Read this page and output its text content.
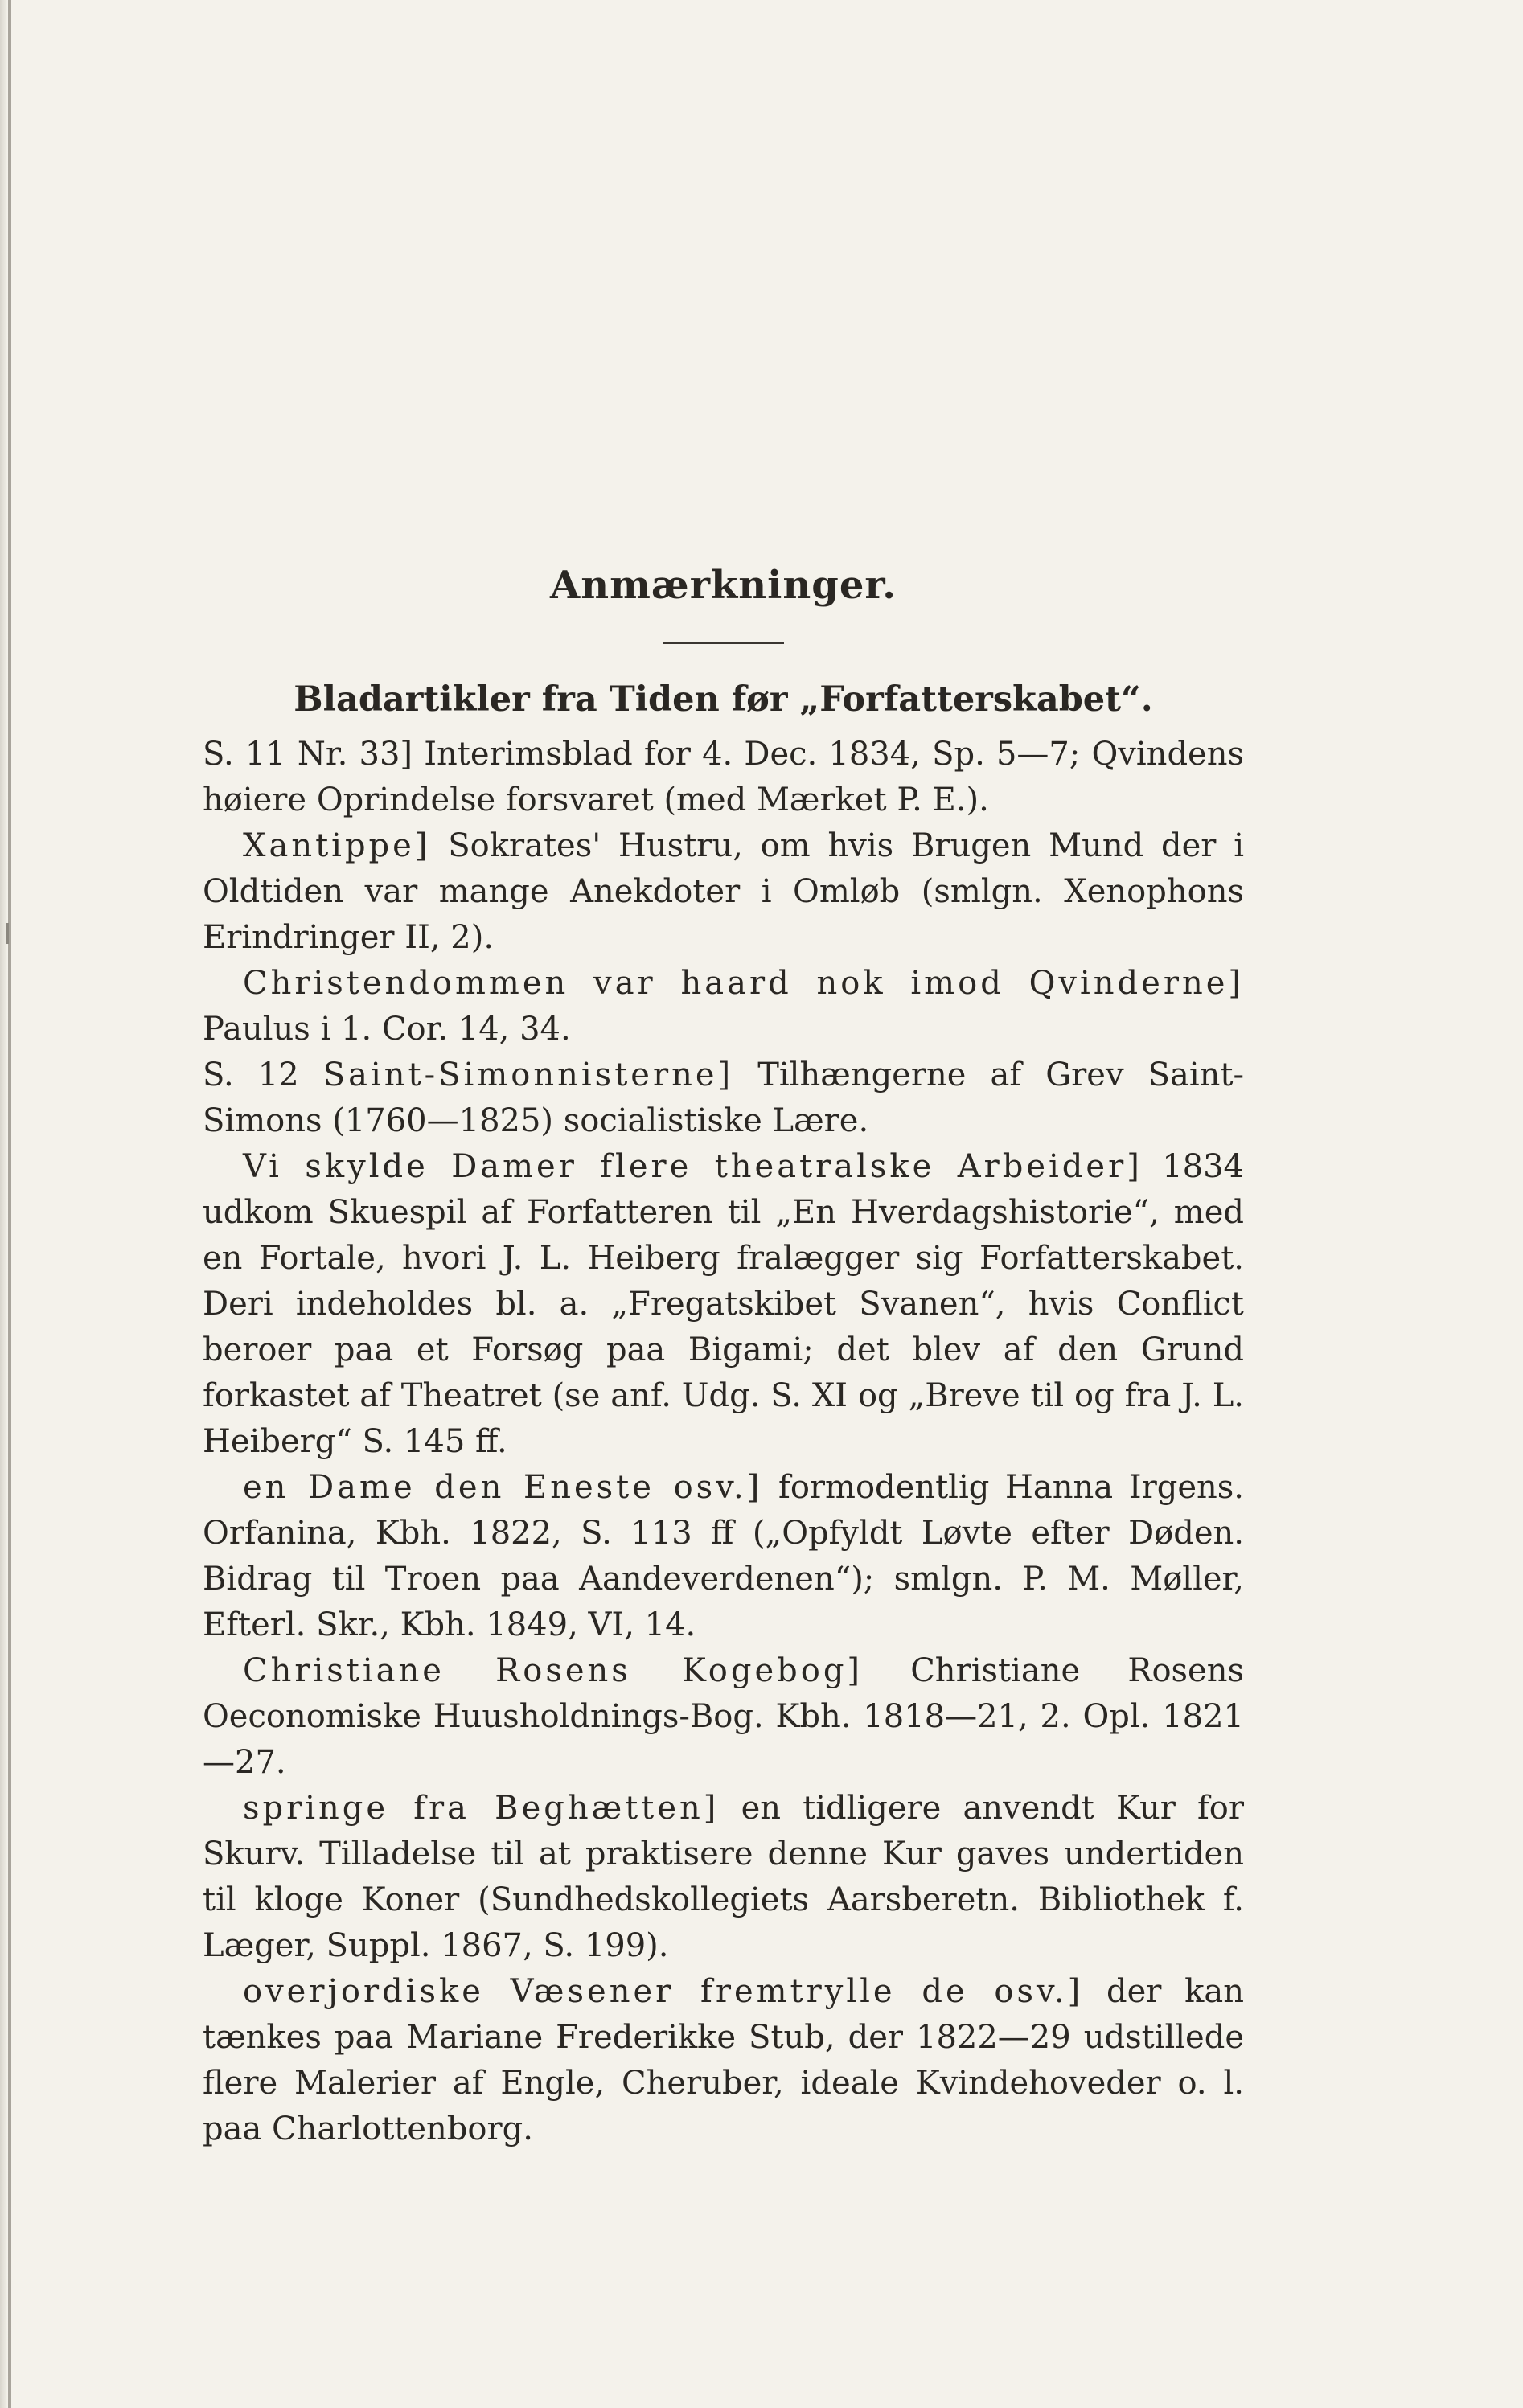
Anmærkninger.
Bladartikler fra Tiden før „Forfatterskabet“.

S. 11 Nr. 33] Interimsblad for 4. Dec. 1834, Sp. 5—7; Qvindens høiere Oprindelse forsvaret (med Mærket P. E.).

Xantippe] Sokrates' Hustru, om hvis Brugen Mund der i Oldtiden var mange Anekdoter i Omløb (smlgn. Xenophons Erindringer II, 2).

Christendommen var haard nok imod Qvinderne] Paulus i 1. Cor. 14, 34.

S. 12 Saint-Simonnisterne] Tilhængerne af Grev Saint-Simons (1760—1825) socialistiske Lære.

Vi skylde Damer flere theatralske Arbeider] 1834 udkom Skuespil af Forfatteren til „En Hverdagshistorie“, med en Fortale, hvori J. L. Heiberg fralægger sig Forfatterskabet. Deri indeholdes bl. a. „Fregatskibet Svanen“, hvis Conflict beroer paa et Forsøg paa Bigami; det blev af den Grund forkastet af Theatret (se anf. Udg. S. XI og „Breve til og fra J. L. Heiberg“ S. 145 ff.

en Dame den Eneste osv.] formodentlig Hanna Irgens. Orfanina, Kbh. 1822, S. 113 ff („Opfyldt Løvte efter Døden. Bidrag til Troen paa Aandeverdenen“); smlgn. P. M. Møller, Efterl. Skr., Kbh. 1849, VI, 14.

Christiane Rosens Kogebog] Christiane Rosens Oeconomiske Huusholdnings-Bog. Kbh. 1818—21, 2. Opl. 1821—27.

springe fra Beghætten] en tidligere anvendt Kur for Skurv. Tilladelse til at praktisere denne Kur gaves undertiden til kloge Koner (Sundhedskollegiets Aarsberetn. Bibliothek f. Læger, Suppl. 1867, S. 199).

overjordiske Væsener fremtrylle de osv.] der kan tænkes paa Mariane Frederikke Stub, der 1822—29 udstillede flere Malerier af Engle, Cheruber, ideale Kvindehoveder o. l. paa Charlottenborg.
